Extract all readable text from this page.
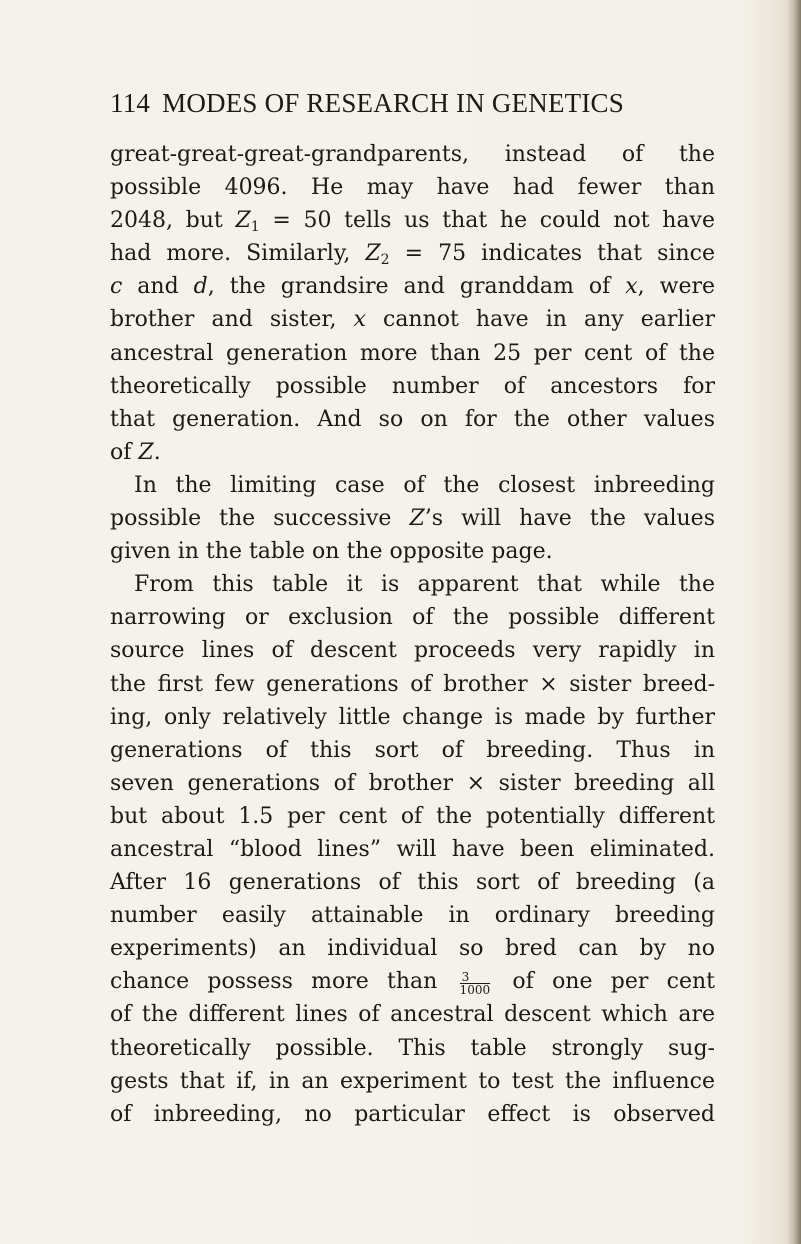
114 MODES OF RESEARCH IN GENETICS
great-great-great-grandparents, instead of the
possible 4096. He may have had fewer than
2048, but $Z_1 = 50$ tells us that he could not have
had more. Similarly, $Z_2 = 75$ indicates that since
c and d, the grandsire and granddam of x, were
brother and sister, x cannot have in any earlier
ancestral generation more than 25 per cent of the
theoretically possible number of ancestors for
that generation. And so on for the other values
of Z.
In the limiting case of the closest inbreeding
possible the successive Z’s will have the values
given in the table on the opposite page.
From this table it is apparent that while the
narrowing or exclusion of the possible different
source lines of descent proceeds very rapidly in
the first few generations of brother × sister breed-
ing, only relatively little change is made by further
generations of this sort of breeding. Thus in
seven generations of brother × sister breeding all
but about 1.5 per cent of the potentially different
ancestral “blood lines” will have been eliminated.
After 16 generations of this sort of breeding (a
number easily attainable in ordinary breeding
experiments) an individual so bred can by no
chance possess more than $\frac{3}{1000}$ of one per cent
of the different lines of ancestral descent which are
theoretically possible. This table strongly sug-
gests that if, in an experiment to test the influence
of inbreeding, no particular effect is observed
